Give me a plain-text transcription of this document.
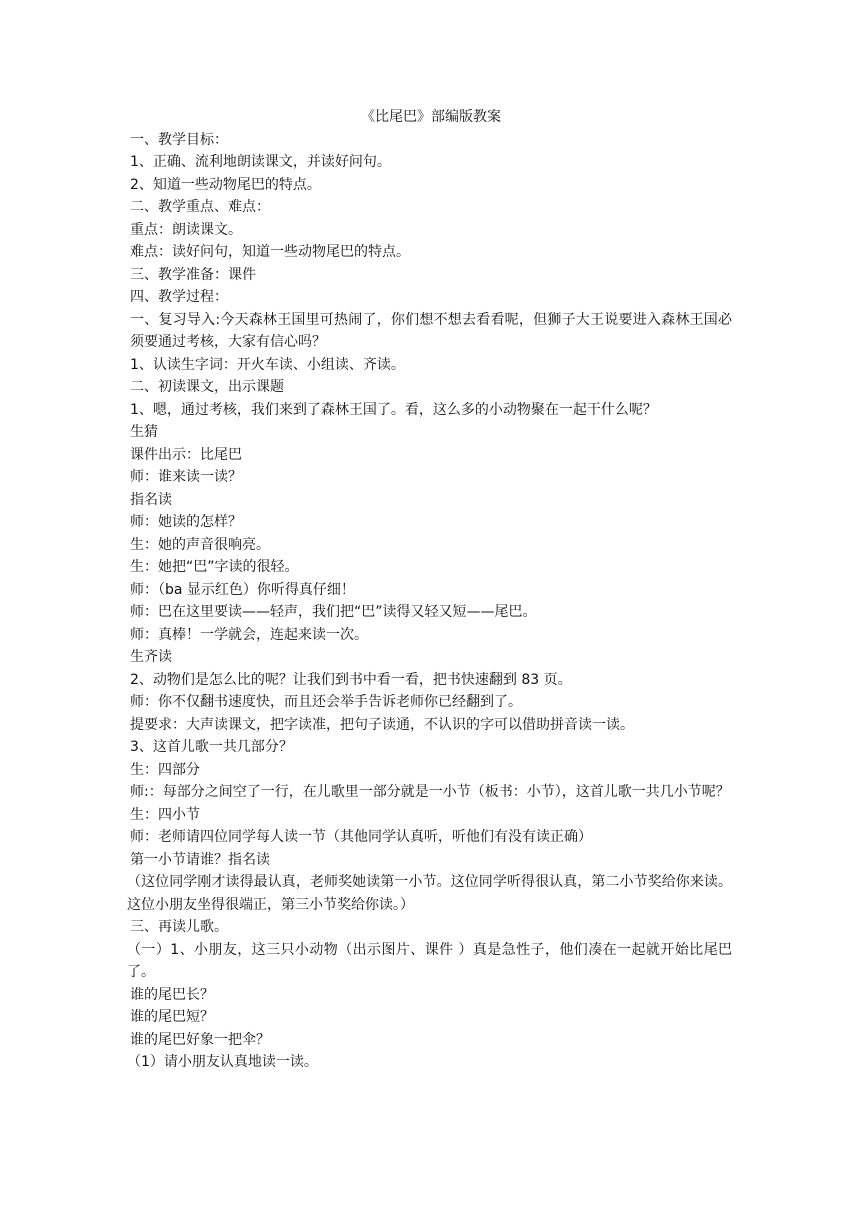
《比尾巴》部编版教案

一、教学目标：

1、正确、流利地朗读课文，并读好问句。

2、知道一些动物尾巴的特点。

二、教学重点、难点：

重点：朗读课文。

难点：读好问句，知道一些动物尾巴的特点。

三、教学准备：课件

四、教学过程：

一、复习导入:今天森林王国里可热闹了，你们想不想去看看呢，但狮子大王说要进入森林王国必须要通过考核，大家有信心吗？

1、认读生字词：开火车读、小组读、齐读。

二、初读课文，出示课题

1、嗯，通过考核，我们来到了森林王国了。看，这么多的小动物聚在一起干什么呢？

生猜

课件出示：比尾巴

师：谁来读一读？

指名读

师：她读的怎样？

生：她的声音很响亮。

生：她把“巴”字读的很轻。

师：（ba 显示红色）你听得真仔细！

师：巴在这里要读——轻声，我们把“巴”读得又轻又短——尾巴。

师：真棒！一学就会，连起来读一次。

生齐读

2、动物们是怎么比的呢？让我们到书中看一看，把书快速翻到 83 页。

师：你不仅翻书速度快，而且还会举手告诉老师你已经翻到了。

提要求：大声读课文，把字读准，把句子读通，不认识的字可以借助拼音读一读。

3、这首儿歌一共几部分？

生：四部分

师:：每部分之间空了一行，在儿歌里一部分就是一小节（板书：小节），这首儿歌一共几小节呢？

生：四小节

师：老师请四位同学每人读一节（其他同学认真听，听他们有没有读正确）

第一小节请谁？指名读

（这位同学刚才读得最认真，老师奖她读第一小节。这位同学听得很认真，第二小节奖给你来读。这位小朋友坐得很端正，第三小节奖给你读。）

三、再读儿歌。

（一）1、小朋友，这三只小动物（出示图片、课件 ）真是急性子，他们凑在一起就开始比尾巴了。

谁的尾巴长？

谁的尾巴短？

谁的尾巴好象一把伞？

（1）请小朋友认真地读一读。
